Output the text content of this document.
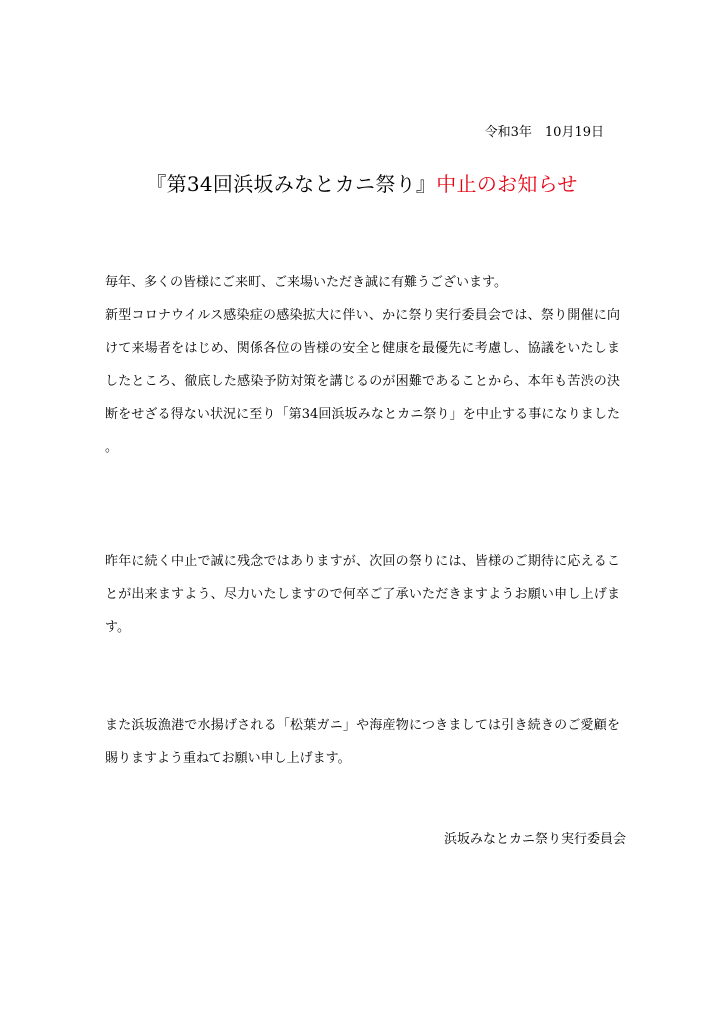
令和3年　10月19日
『第34回浜坂みなとカニ祭り』中止のお知らせ
毎年、多くの皆様にご来町、ご来場いただき誠に有難うございます。
新型コロナウイルス感染症の感染拡大に伴い、かに祭り実行委員会では、祭り開催に向けて来場者をはじめ、関係各位の皆様の安全と健康を最優先に考慮し、協議をいたしましたところ、徹底した感染予防対策を講じるのが困難であることから、本年も苦渋の決断をせざる得ない状況に至り「第34回浜坂みなとカニ祭り」を中止する事になりました。
昨年に続く中止で誠に残念ではありますが、次回の祭りには、皆様のご期待に応えることが出来ますよう、尽力いたしますので何卒ご了承いただきますようお願い申し上げます。
また浜坂漁港で水揚げされる「松葉ガニ」や海産物につきましては引き続きのご愛顧を賜りますよう重ねてお願い申し上げます。
浜坂みなとカニ祭り実行委員会
